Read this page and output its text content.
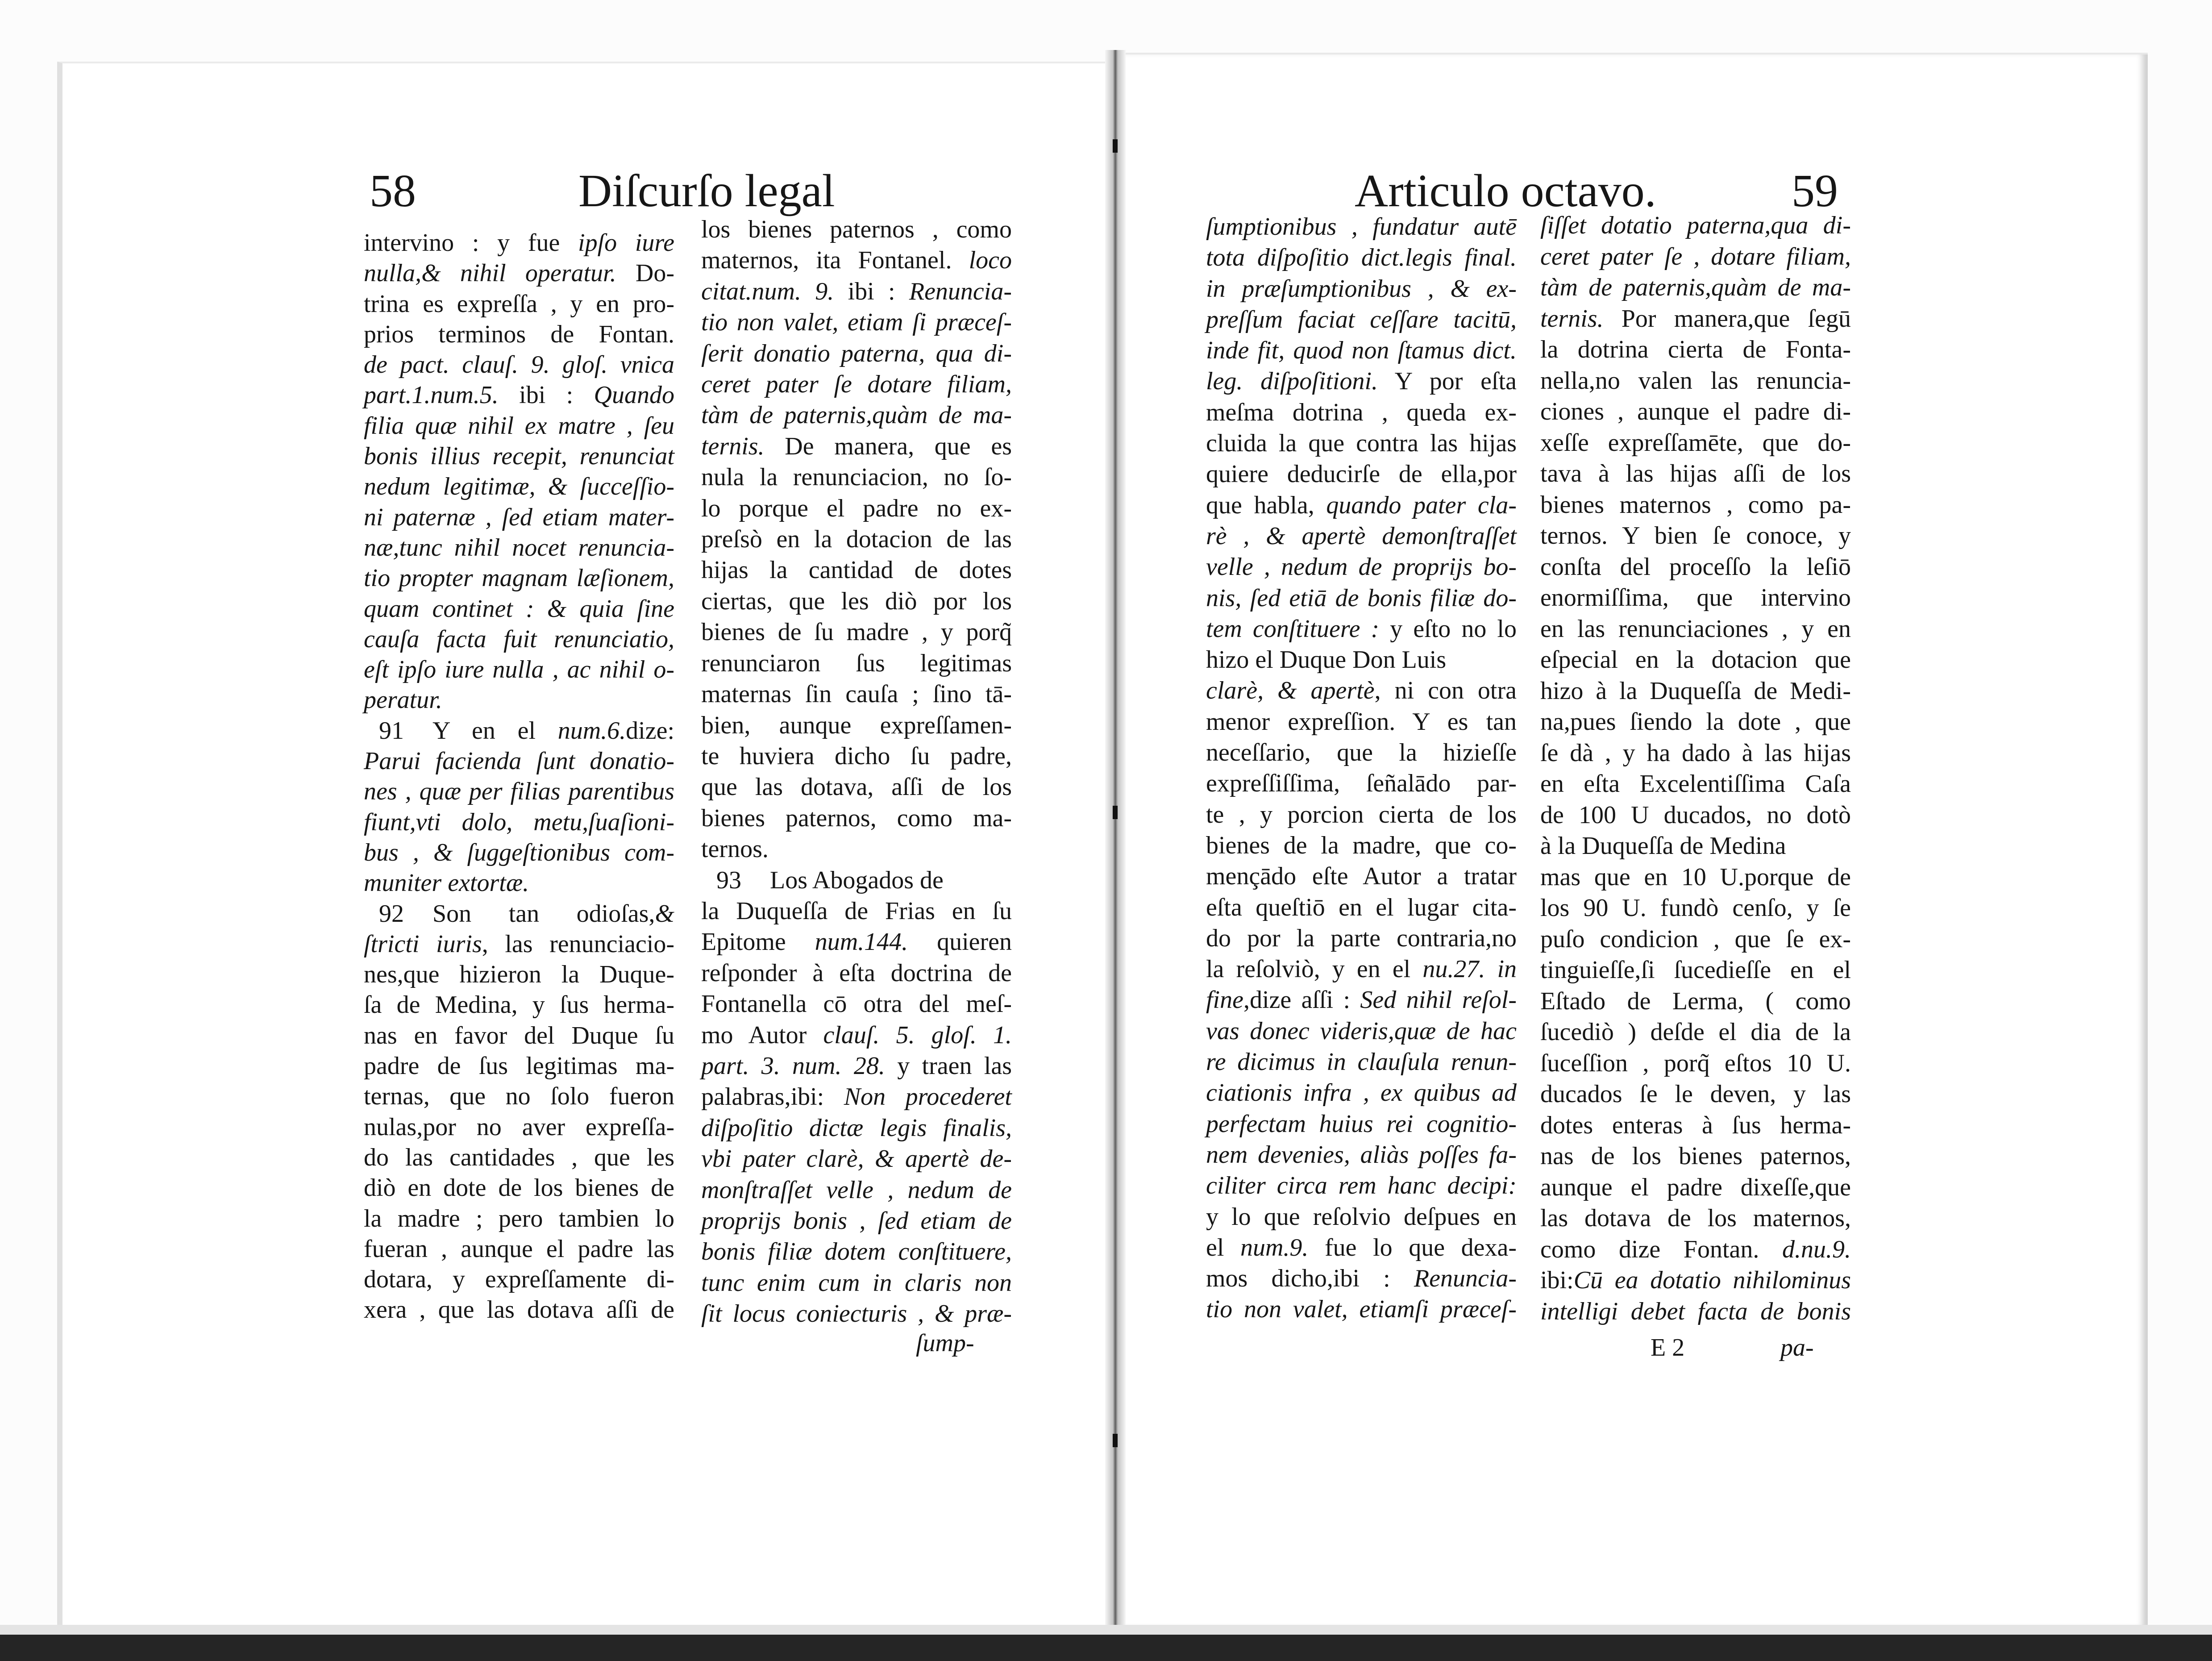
58	Diſcurſo legal	Articulo octavo.	59
intervino : y fue ipſo iure
nulla,& nihil operatur. Do-
trina es expreſſa , y en pro-
prios terminos de Fontan.
de pact. clauſ. 9. gloſ. vnica
part.1.num.5. ibi : Quando
filia quæ nihil ex matre , ſeu
bonis illius recepit, renunciat
nedum legitimæ, & ſucceſſio-
ni paternæ , ſed etiam mater-
næ,tunc nihil nocet renuncia-
tio propter magnam læſionem,
quam continet : & quia ſine
cauſa facta fuit renunciatio,
eſt ipſo iure nulla , ac nihil o-
peratur.
91 Y en el num.6.dize:
Parui facienda ſunt donatio-
nes , quæ per filias parentibus
fiunt,vti dolo, metu,ſuaſioni-
bus , & ſuggeſtionibus com-
muniter extortæ.
92 Son tan odioſas,&
ſtricti iuris, las renunciacio-
nes,que hizieron la Duque-
ſa de Medina, y ſus herma-
nas en favor del Duque ſu
padre de ſus legitimas ma-
ternas, que no ſolo fueron
nulas,por no aver expreſſa-
do las cantidades , que les
diò en dote de los bienes de
la madre ; pero tambien lo
fueran , aunque el padre las
dotara, y expreſſamente di-
xera , que las dotava aſſi de
los bienes paternos , como
maternos, ita Fontanel. loco
citat.num. 9. ibi : Renuncia-
tio non valet, etiam ſi præceſ-
ſerit donatio paterna, qua di-
ceret pater ſe dotare filiam,
tàm de paternis,quàm de ma-
ternis. De manera, que es
nula la renunciacion, no ſo-
lo porque el padre no ex-
preſsò en la dotacion de las
hijas la cantidad de dotes
ciertas, que les diò por los
bienes de ſu madre , y porq̃
renunciaron ſus legitimas
maternas ſin cauſa ; ſino tā-
bien, aunque expreſſamen-
te huviera dicho ſu padre,
que las dotava, aſſi de los
bienes paternos, como ma-
ternos.
93 Los Abogados de
la Duqueſſa de Frias en ſu
Epitome num.144. quieren
reſponder à eſta doctrina de
Fontanella cō otra del meſ-
mo Autor clauſ. 5. gloſ. 1.
part. 3. num. 28. y traen las
palabras,ibi: Non procederet
diſpoſitio dictæ legis finalis,
vbi pater clarè, & apertè de-
monſtraſſet velle , nedum de
proprijs bonis , ſed etiam de
bonis filiæ dotem conſtituere,
tunc enim cum in claris non
ſit locus coniecturis , & præ-
ſumptionibus , fundatur autē
tota diſpoſitio dict.legis final.
in præſumptionibus , & ex-
preſſum faciat ceſſare tacitū,
inde fit, quod non ſtamus dict.
leg. diſpoſitioni. Y por eſta
meſma dotrina , queda ex-
cluida la que contra las hijas
quiere deducirſe de ella,por
que habla, quando pater cla-
rè , & apertè demonſtraſſet
velle , nedum de proprijs bo-
nis, ſed etiā de bonis filiæ do-
tem conſtituere : y eſto no lo
hizo el Duque Don Luis
clarè, & apertè, ni con otra
menor expreſſion. Y es tan
neceſſario, que la hizieſſe
expreſſiſſima, ſeñalādo par-
te , y porcion cierta de los
bienes de la madre, que co-
mençādo eſte Autor a tratar
eſta queſtiō en el lugar cita-
do por la parte contraria,no
la reſolviò, y en el nu.27. in
fine,dize aſſi : Sed nihil reſol-
vas donec videris,quæ de hac
re dicimus in clauſula renun-
ciationis infra , ex quibus ad
perfectam huius rei cognitio-
nem devenies, aliàs poſſes fa-
ciliter circa rem hanc decipi:
y lo que reſolvio deſpues en
el num.9. fue lo que dexa-
mos dicho,ibi : Renuncia-
tio non valet, etiamſi præceſ-
ſiſſet dotatio paterna,qua di-
ceret pater ſe , dotare filiam,
tàm de paternis,quàm de ma-
ternis. Por manera,que ſegū
la dotrina cierta de Fonta-
nella,no valen las renuncia-
ciones , aunque el padre di-
xeſſe expreſſamēte, que do-
tava à las hijas aſſi de los
bienes maternos , como pa-
ternos. Y bien ſe conoce, y
conſta del proceſſo la leſiō
enormiſſima, que intervino
en las renunciaciones , y en
eſpecial en la dotacion que
hizo à la Duqueſſa de Medi-
na,pues ſiendo la dote , que
ſe dà , y ha dado à las hijas
en eſta Excelentiſſima Caſa
de 100 U ducados, no dotò
à la Duqueſſa de Medina
mas que en 10 U.porque de
los 90 U. fundò cenſo, y ſe
puſo condicion , que ſe ex-
tinguieſſe,ſi ſucedieſſe en el
Eſtado de Lerma, ( como
ſucediò ) deſde el dia de la
ſuceſſion , porq̃ eſtos 10 U.
ducados ſe le deven, y las
dotes enteras à ſus herma-
nas de los bienes paternos,
aunque el padre dixeſſe,que
las dotava de los maternos,
como dize Fontan. d.nu.9.
ibi:Cū ea dotatio nihilominus
intelligi debet facta de bonis
ſump-	E 2	pa-
